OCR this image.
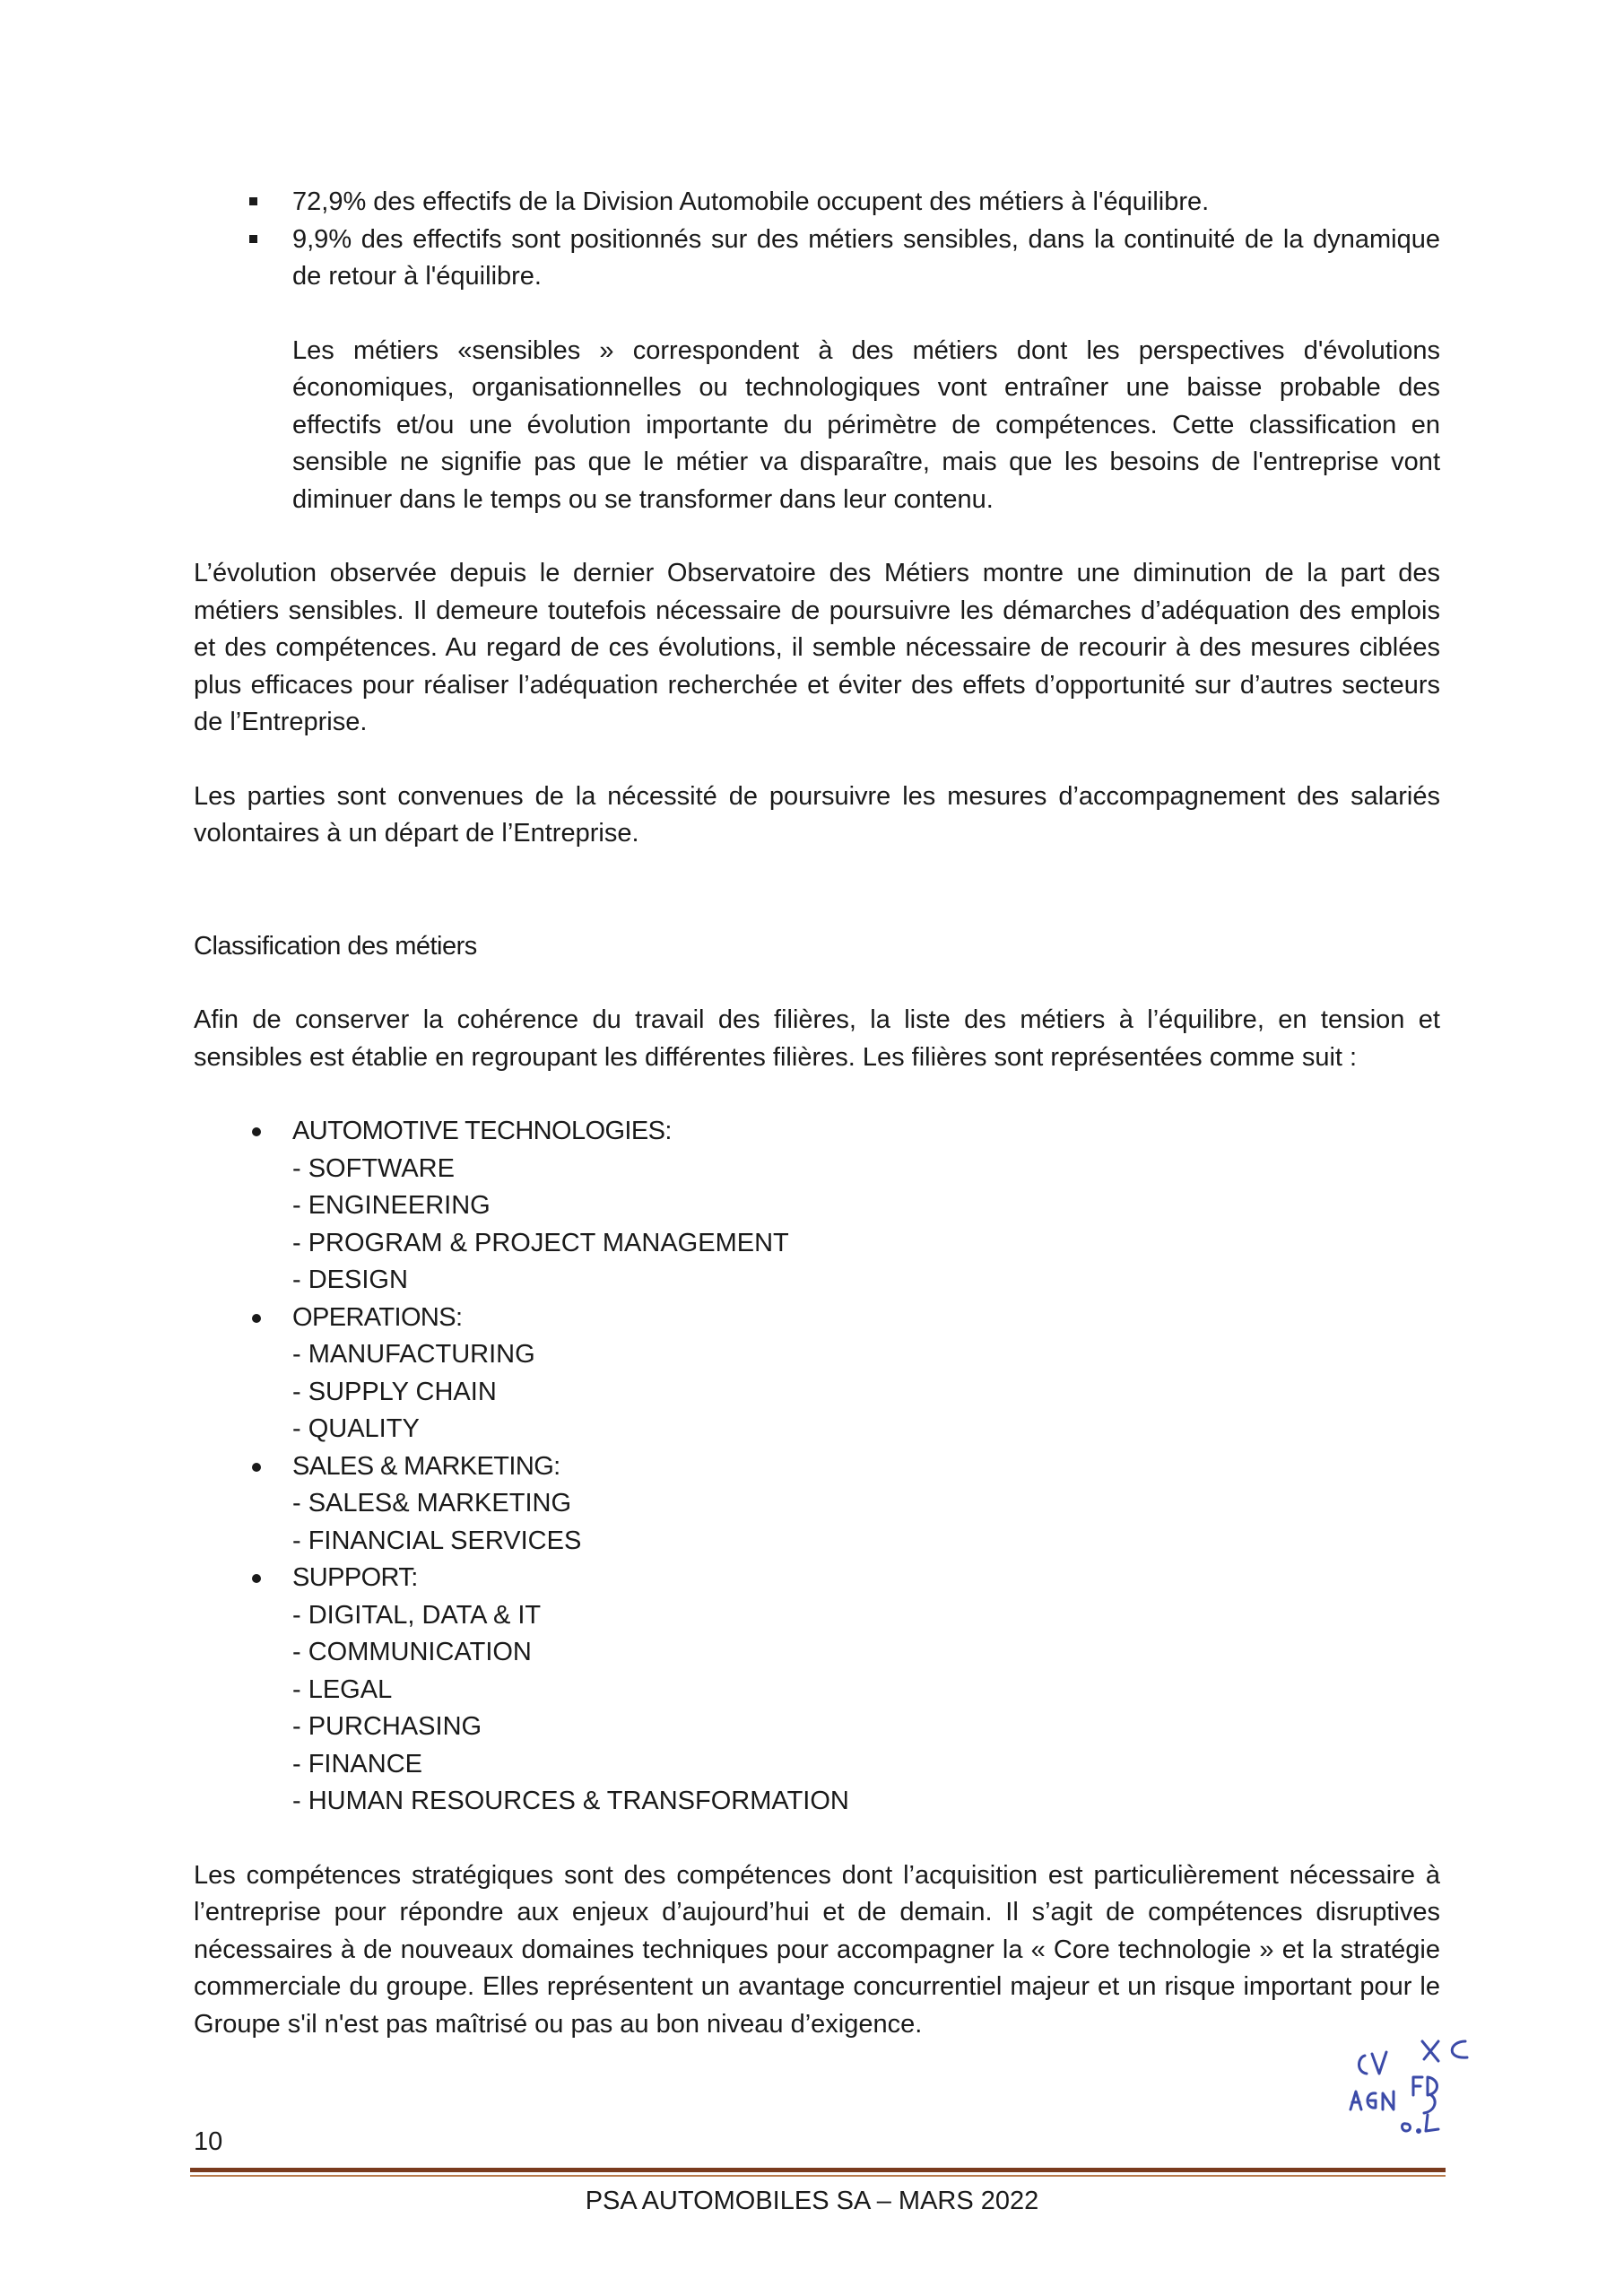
72,9% des effectifs de la Division Automobile occupent des métiers à l'équilibre.
9,9% des effectifs sont positionnés sur des métiers sensibles, dans la continuité de la dynamique de retour à l'équilibre.
Les métiers «sensibles » correspondent à des métiers dont les perspectives d'évolutions économiques, organisationnelles ou technologiques vont entraîner une baisse probable des effectifs et/ou une évolution importante du périmètre de compétences. Cette classification en sensible ne signifie pas que le métier va disparaître, mais que les besoins de l'entreprise vont diminuer dans le temps ou se transformer dans leur contenu.

L’évolution observée depuis le dernier Observatoire des Métiers montre une diminution de la part des métiers sensibles. Il demeure toutefois nécessaire de poursuivre les démarches d’adéquation des emplois et des compétences. Au regard de ces évolutions, il semble nécessaire de recourir à des mesures ciblées plus efficaces pour réaliser l’adéquation recherchée et éviter des effets d’opportunité sur d’autres secteurs de l’Entreprise.

Les parties sont convenues de la nécessité de poursuivre les mesures d’accompagnement des salariés volontaires à un départ de l’Entreprise.

Classification des métiers

Afin de conserver la cohérence du travail des filières, la liste des métiers à l’équilibre, en tension et sensibles est établie en regroupant les différentes filières. Les filières sont représentées comme suit :

AUTOMOTIVE TECHNOLOGIES:
- SOFTWARE
- ENGINEERING
- PROGRAM & PROJECT MANAGEMENT
- DESIGN
OPERATIONS:
- MANUFACTURING
- SUPPLY CHAIN
- QUALITY
SALES & MARKETING:
- SALES& MARKETING
- FINANCIAL SERVICES
SUPPORT:
- DIGITAL, DATA & IT
- COMMUNICATION
- LEGAL
- PURCHASING
- FINANCE
- HUMAN RESOURCES & TRANSFORMATION

Les compétences stratégiques sont des compétences dont l’acquisition est particulièrement nécessaire à l’entreprise pour répondre aux enjeux d’aujourd’hui et de demain. Il s’agit de compétences disruptives nécessaires à de nouveaux domaines techniques pour accompagner la « Core technologie » et la stratégie commerciale du groupe. Elles représentent un avantage concurrentiel majeur et un risque important pour le Groupe s'il n'est pas maîtrisé ou pas au bon niveau d’exigence.

10
PSA AUTOMOBILES SA – MARS 2022
